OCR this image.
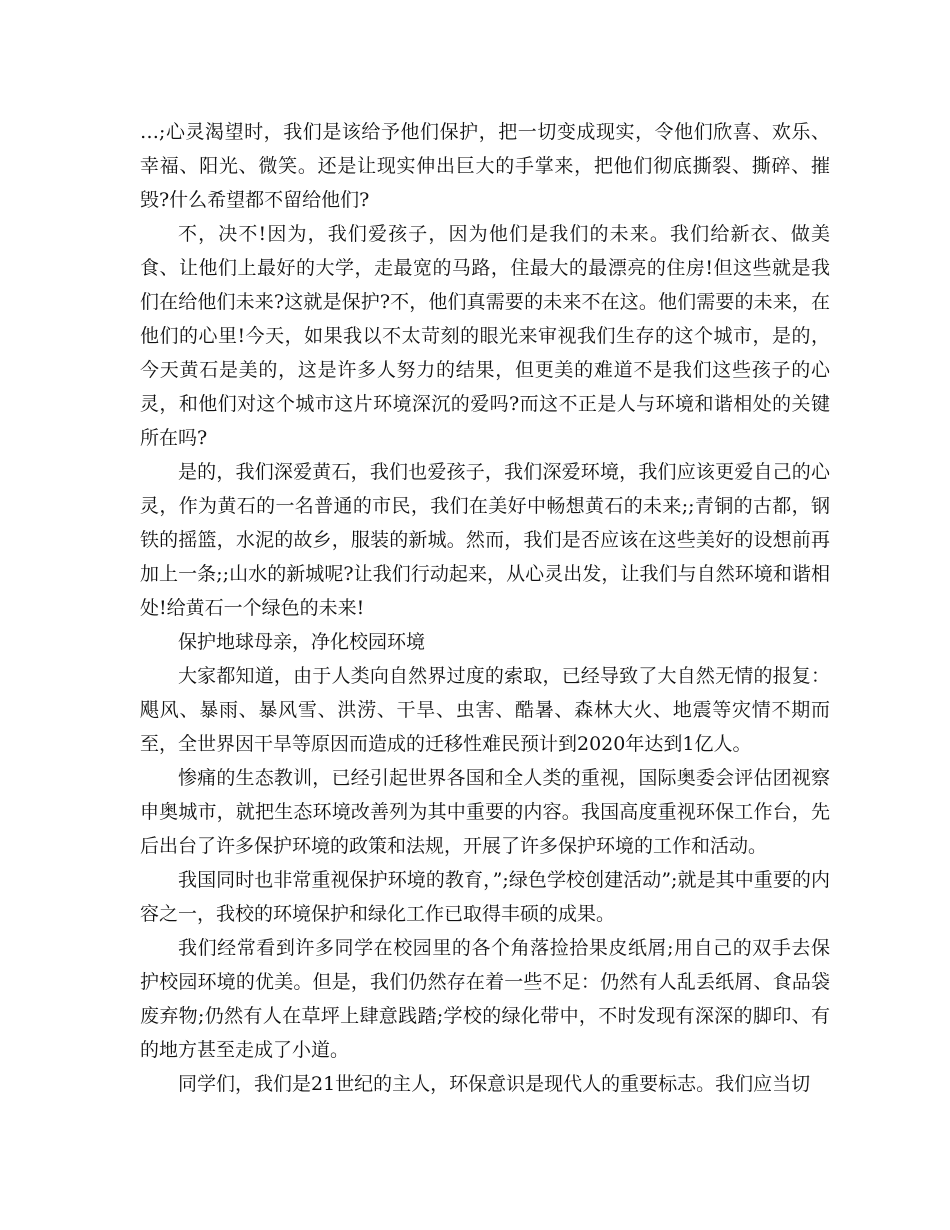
…;心灵渴望时，我们是该给予他们保护，把一切变成现实，令他们欣喜、欢乐、幸福、阳光、微笑。还是让现实伸出巨大的手掌来，把他们彻底撕裂、撕碎、摧毁?什么希望都不留给他们?

不，决不!因为，我们爱孩子，因为他们是我们的未来。我们给新衣、做美食、让他们上最好的大学，走最宽的马路，住最大的最漂亮的住房!但这些就是我们在给他们未来?这就是保护?不，他们真需要的未来不在这。他们需要的未来，在他们的心里!今天，如果我以不太苛刻的眼光来审视我们生存的这个城市，是的，今天黄石是美的，这是许多人努力的结果，但更美的难道不是我们这些孩子的心灵，和他们对这个城市这片环境深沉的爱吗?而这不正是人与环境和谐相处的关键所在吗?

是的，我们深爱黄石，我们也爱孩子，我们深爱环境，我们应该更爱自己的心灵，作为黄石的一名普通的市民，我们在美好中畅想黄石的未来;;青铜的古都，钢铁的摇篮，水泥的故乡，服装的新城。然而，我们是否应该在这些美好的设想前再加上一条;;山水的新城呢?让我们行动起来，从心灵出发，让我们与自然环境和谐相处!给黄石一个绿色的未来!

保护地球母亲，净化校园环境

大家都知道，由于人类向自然界过度的索取，已经导致了大自然无情的报复：飓风、暴雨、暴风雪、洪涝、干旱、虫害、酷暑、森林大火、地震等灾情不期而至，全世界因干旱等原因而造成的迁移性难民预计到2020年达到1亿人。

惨痛的生态教训，已经引起世界各国和全人类的重视，国际奥委会评估团视察申奥城市，就把生态环境改善列为其中重要的内容。我国高度重视环保工作台，先后出台了许多保护环境的政策和法规，开展了许多保护环境的工作和活动。

我国同时也非常重视保护环境的教育，”;绿色学校创建活动”;就是其中重要的内容之一，我校的环境保护和绿化工作已取得丰硕的成果。

我们经常看到许多同学在校园里的各个角落捡拾果皮纸屑;用自己的双手去保护校园环境的优美。但是，我们仍然存在着一些不足：仍然有人乱丢纸屑、食品袋废弃物;仍然有人在草坪上肆意践踏;学校的绿化带中，不时发现有深深的脚印、有的地方甚至走成了小道。

同学们，我们是21世纪的主人，环保意识是现代人的重要标志。我们应当切
